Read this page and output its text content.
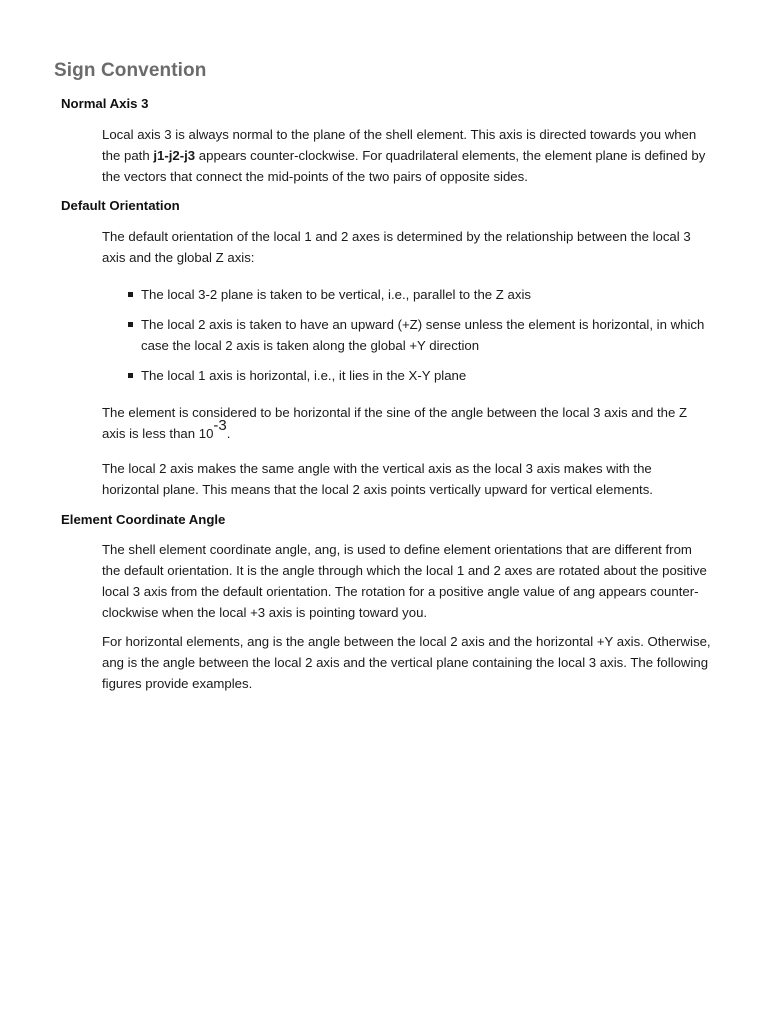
Sign Convention
Normal Axis 3

Local axis 3 is always normal to the plane of the shell element. This axis is directed towards you when the path j1-j2-j3 appears counter-clockwise. For quadrilateral elements, the element plane is defined by the vectors that connect the mid-points of the two pairs of opposite sides.

Default Orientation

The default orientation of the local 1 and 2 axes is determined by the relationship between the local 3 axis and the global Z axis:

The local 3-2 plane is taken to be vertical, i.e., parallel to the Z axis
The local 2 axis is taken to have an upward (+Z) sense unless the element is horizontal, in which case the local 2 axis is taken along the global +Y direction
The local 1 axis is horizontal, i.e., it lies in the X-Y plane

The element is considered to be horizontal if the sine of the angle between the local 3 axis and the Z axis is less than $10^{-3}$.

The local 2 axis makes the same angle with the vertical axis as the local 3 axis makes with the horizontal plane. This means that the local 2 axis points vertically upward for vertical elements.

Element Coordinate Angle

The shell element coordinate angle, ang, is used to define element orientations that are different from the default orientation. It is the angle through which the local 1 and 2 axes are rotated about the positive local 3 axis from the default orientation. The rotation for a positive angle value of ang appears counter-clockwise when the local +3 axis is pointing toward you.

For horizontal elements, ang is the angle between the local 2 axis and the horizontal +Y axis. Otherwise, ang is the angle between the local 2 axis and the vertical plane containing the local 3 axis. The following figures provide examples.
